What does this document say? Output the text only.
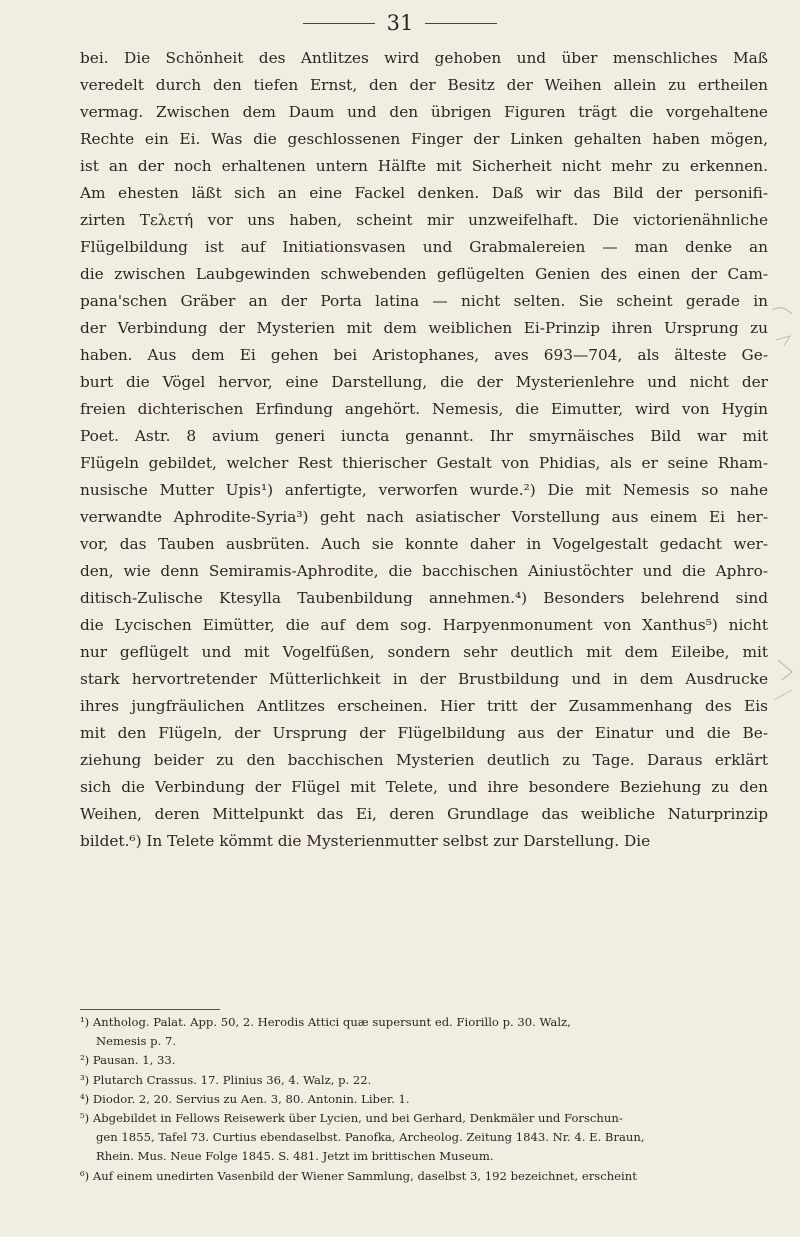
31
bei. Die Schönheit des Antlitzes wird gehoben und über menschliches Maß
veredelt durch den tiefen Ernst, den der Besitz der Weihen allein zu ertheilen
vermag. Zwischen dem Daum und den übrigen Figuren trägt die vorgehaltene
Rechte ein Ei. Was die geschlossenen Finger der Linken gehalten haben mögen,
ist an der noch erhaltenen untern Hälfte mit Sicherheit nicht mehr zu erkennen.
Am ehesten läßt sich an eine Fackel denken. Daß wir das Bild der personifi-
zirten Τελετή vor uns haben, scheint mir unzweifelhaft. Die victorienähnliche
Flügelbildung ist auf Initiationsvasen und Grabmalereien — man denke an
die zwischen Laubgewinden schwebenden geflügelten Genien des einen der Cam-
pana'schen Gräber an der Porta latina — nicht selten. Sie scheint gerade in
der Verbindung der Mysterien mit dem weiblichen Ei-Prinzip ihren Ursprung zu
haben. Aus dem Ei gehen bei Aristophanes, aves 693—704, als älteste Ge-
burt die Vögel hervor, eine Darstellung, die der Mysterienlehre und nicht der
freien dichterischen Erfindung angehört. Nemesis, die Eimutter, wird von Hygin
Poet. Astr. 8 avium generi iuncta genannt. Ihr smyrnäisches Bild war mit
Flügeln gebildet, welcher Rest thierischer Gestalt von Phidias, als er seine Rham-
nusische Mutter Upis¹) anfertigte, verworfen wurde.²) Die mit Nemesis so nahe
verwandte Aphrodite-Syria³) geht nach asiatischer Vorstellung aus einem Ei her-
vor, das Tauben ausbrüten. Auch sie konnte daher in Vogelgestalt gedacht wer-
den, wie denn Semiramis-Aphrodite, die bacchischen Ainiustöchter und die Aphro-
ditisch-Zulische Ktesylla Taubenbildung annehmen.⁴) Besonders belehrend sind
die Lycischen Eimütter, die auf dem sog. Harpyenmonument von Xanthus⁵) nicht
nur geflügelt und mit Vogelfüßen, sondern sehr deutlich mit dem Eileibe, mit
stark hervortretender Mütterlichkeit in der Brustbildung und in dem Ausdrucke
ihres jungfräulichen Antlitzes erscheinen. Hier tritt der Zusammenhang des Eis
mit den Flügeln, der Ursprung der Flügelbildung aus der Einatur und die Be-
ziehung beider zu den bacchischen Mysterien deutlich zu Tage. Daraus erklärt
sich die Verbindung der Flügel mit Telete, und ihre besondere Beziehung zu den
Weihen, deren Mittelpunkt das Ei, deren Grundlage das weibliche Naturprinzip
bildet.⁶) In Telete kömmt die Mysterienmutter selbst zur Darstellung. Die
¹) Antholog. Palat. App. 50, 2. Herodis Attici quæ supersunt ed. Fiorillo p. 30. Walz,
Nemesis p. 7.
²) Pausan. 1, 33.
³) Plutarch Crassus. 17. Plinius 36, 4. Walz, p. 22.
⁴) Diodor. 2, 20. Servius zu Aen. 3, 80. Antonin. Liber. 1.
⁵) Abgebildet in Fellows Reisewerk über Lycien, und bei Gerhard, Denkmäler und Forschun-
gen 1855, Tafel 73. Curtius ebendaselbst. Panofka, Archeolog. Zeitung 1843. Nr. 4. E. Braun,
Rhein. Mus. Neue Folge 1845. S. 481. Jetzt im brittischen Museum.
⁶) Auf einem unedirten Vasenbild der Wiener Sammlung, daselbst 3, 192 bezeichnet, erscheint
